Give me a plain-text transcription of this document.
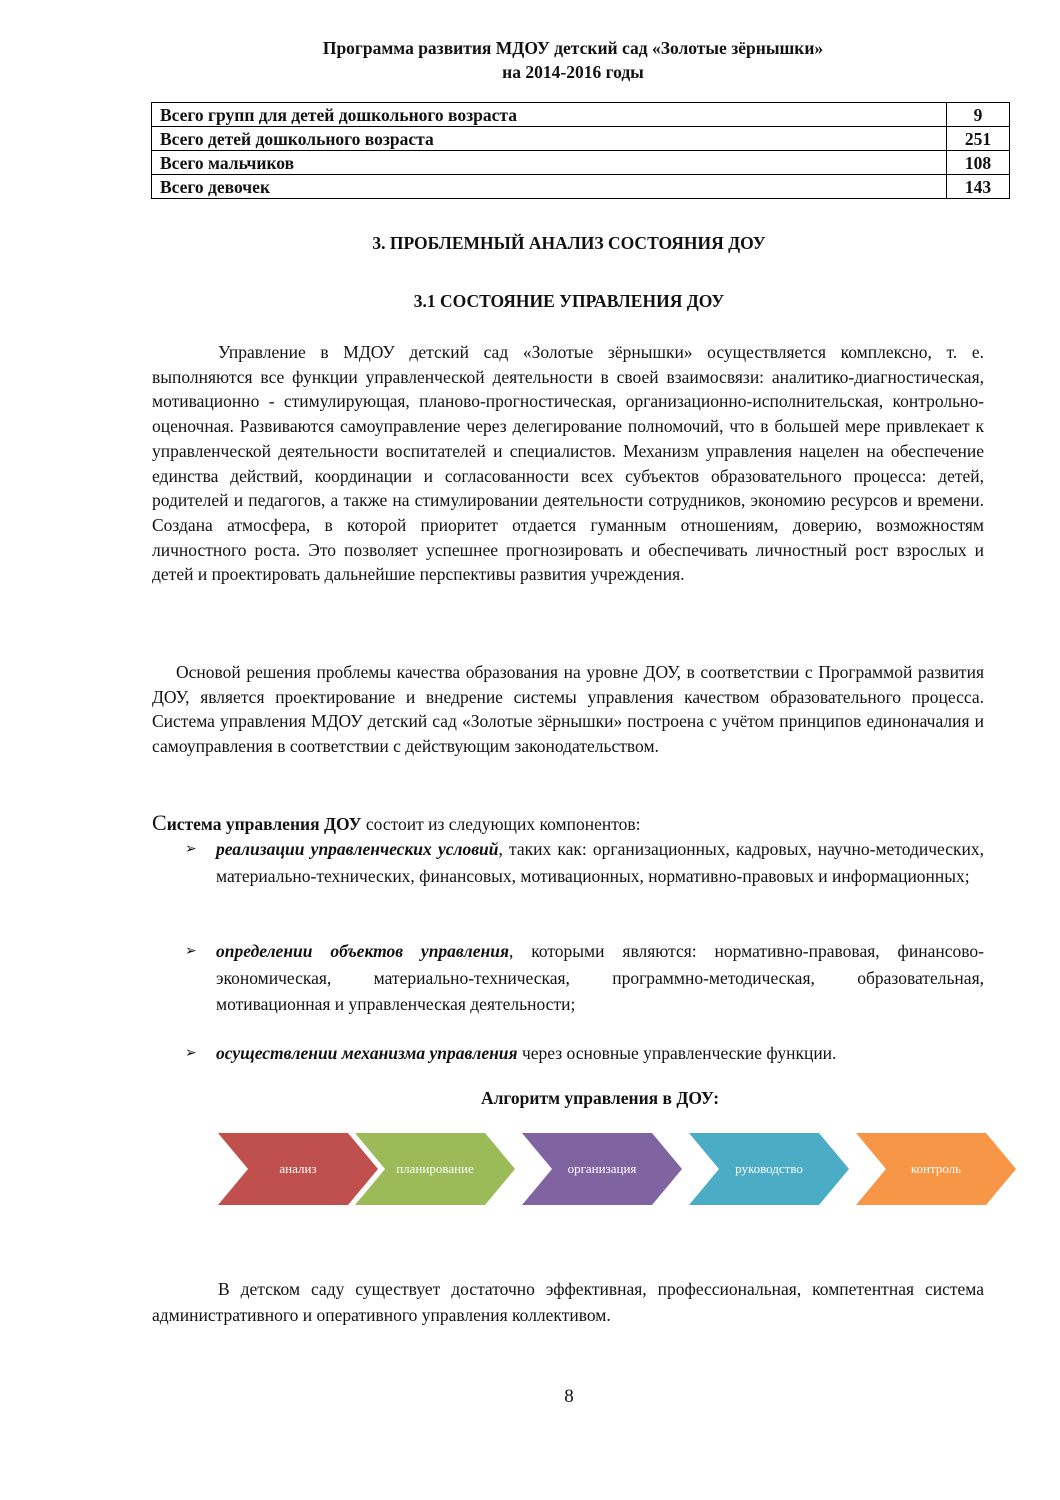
Программа развития МДОУ детский сад «Золотые зёрнышки»
на 2014-2016 годы
Всего групп для детей дошкольного возраста	9
Всего детей дошкольного возраста	251
Всего мальчиков	108
Всего девочек	143
3. ПРОБЛЕМНЫЙ АНАЛИЗ СОСТОЯНИЯ ДОУ
3.1 СОСТОЯНИЕ УПРАВЛЕНИЯ ДОУ

Управление в МДОУ детский сад «Золотые зёрнышки» осуществляется комплексно, т. е. выполняются все функции управленческой деятельности в своей взаимосвязи: аналитико-диагностическая, мотивационно - стимулирующая, планово-прогностическая, организационно-исполнительская, контрольно-оценочная. Развиваются самоуправление через делегирование полномочий, что в большей мере привлекает к управленческой деятельности воспитателей и специалистов. Механизм управления нацелен на обеспечение единства действий, координации и согласованности всех субъектов образовательного процесса: детей, родителей и педагогов, а также на стимулировании деятельности сотрудников, экономию ресурсов и времени. Создана атмосфера, в которой приоритет отдается гуманным отношениям, доверию, возможностям личностного роста. Это позволяет успешнее прогнозировать и обеспечивать личностный рост взрослых и детей и проектировать дальнейшие перспективы развития учреждения.

Основой решения проблемы качества образования на уровне ДОУ, в соответствии с Программой развития ДОУ, является проектирование и внедрение системы управления качеством образовательного процесса. Система управления МДОУ детский сад «Золотые зёрнышки» построена с учётом принципов единоначалия и самоуправления в соответствии с действующим законодательством.

Система управления ДОУ состоит из следующих компонентов:
➢ реализации управленческих условий, таких как: организационных, кадровых, научно-методических, материально-технических, финансовых, мотивационных, нормативно-правовых и информационных;
➢ определении объектов управления, которыми являются: нормативно-правовая, финансово-экономическая, материально-техническая, программно-методическая, образовательная, мотивационная и управленческая деятельности;
➢ осуществлении механизма управления через основные управленческие функции.
Алгоритм управления в ДОУ:
анализ	планирование	организация	руководство	контроль

В детском саду существует достаточно эффективная, профессиональная, компетентная система административного и оперативного управления коллективом.

8
